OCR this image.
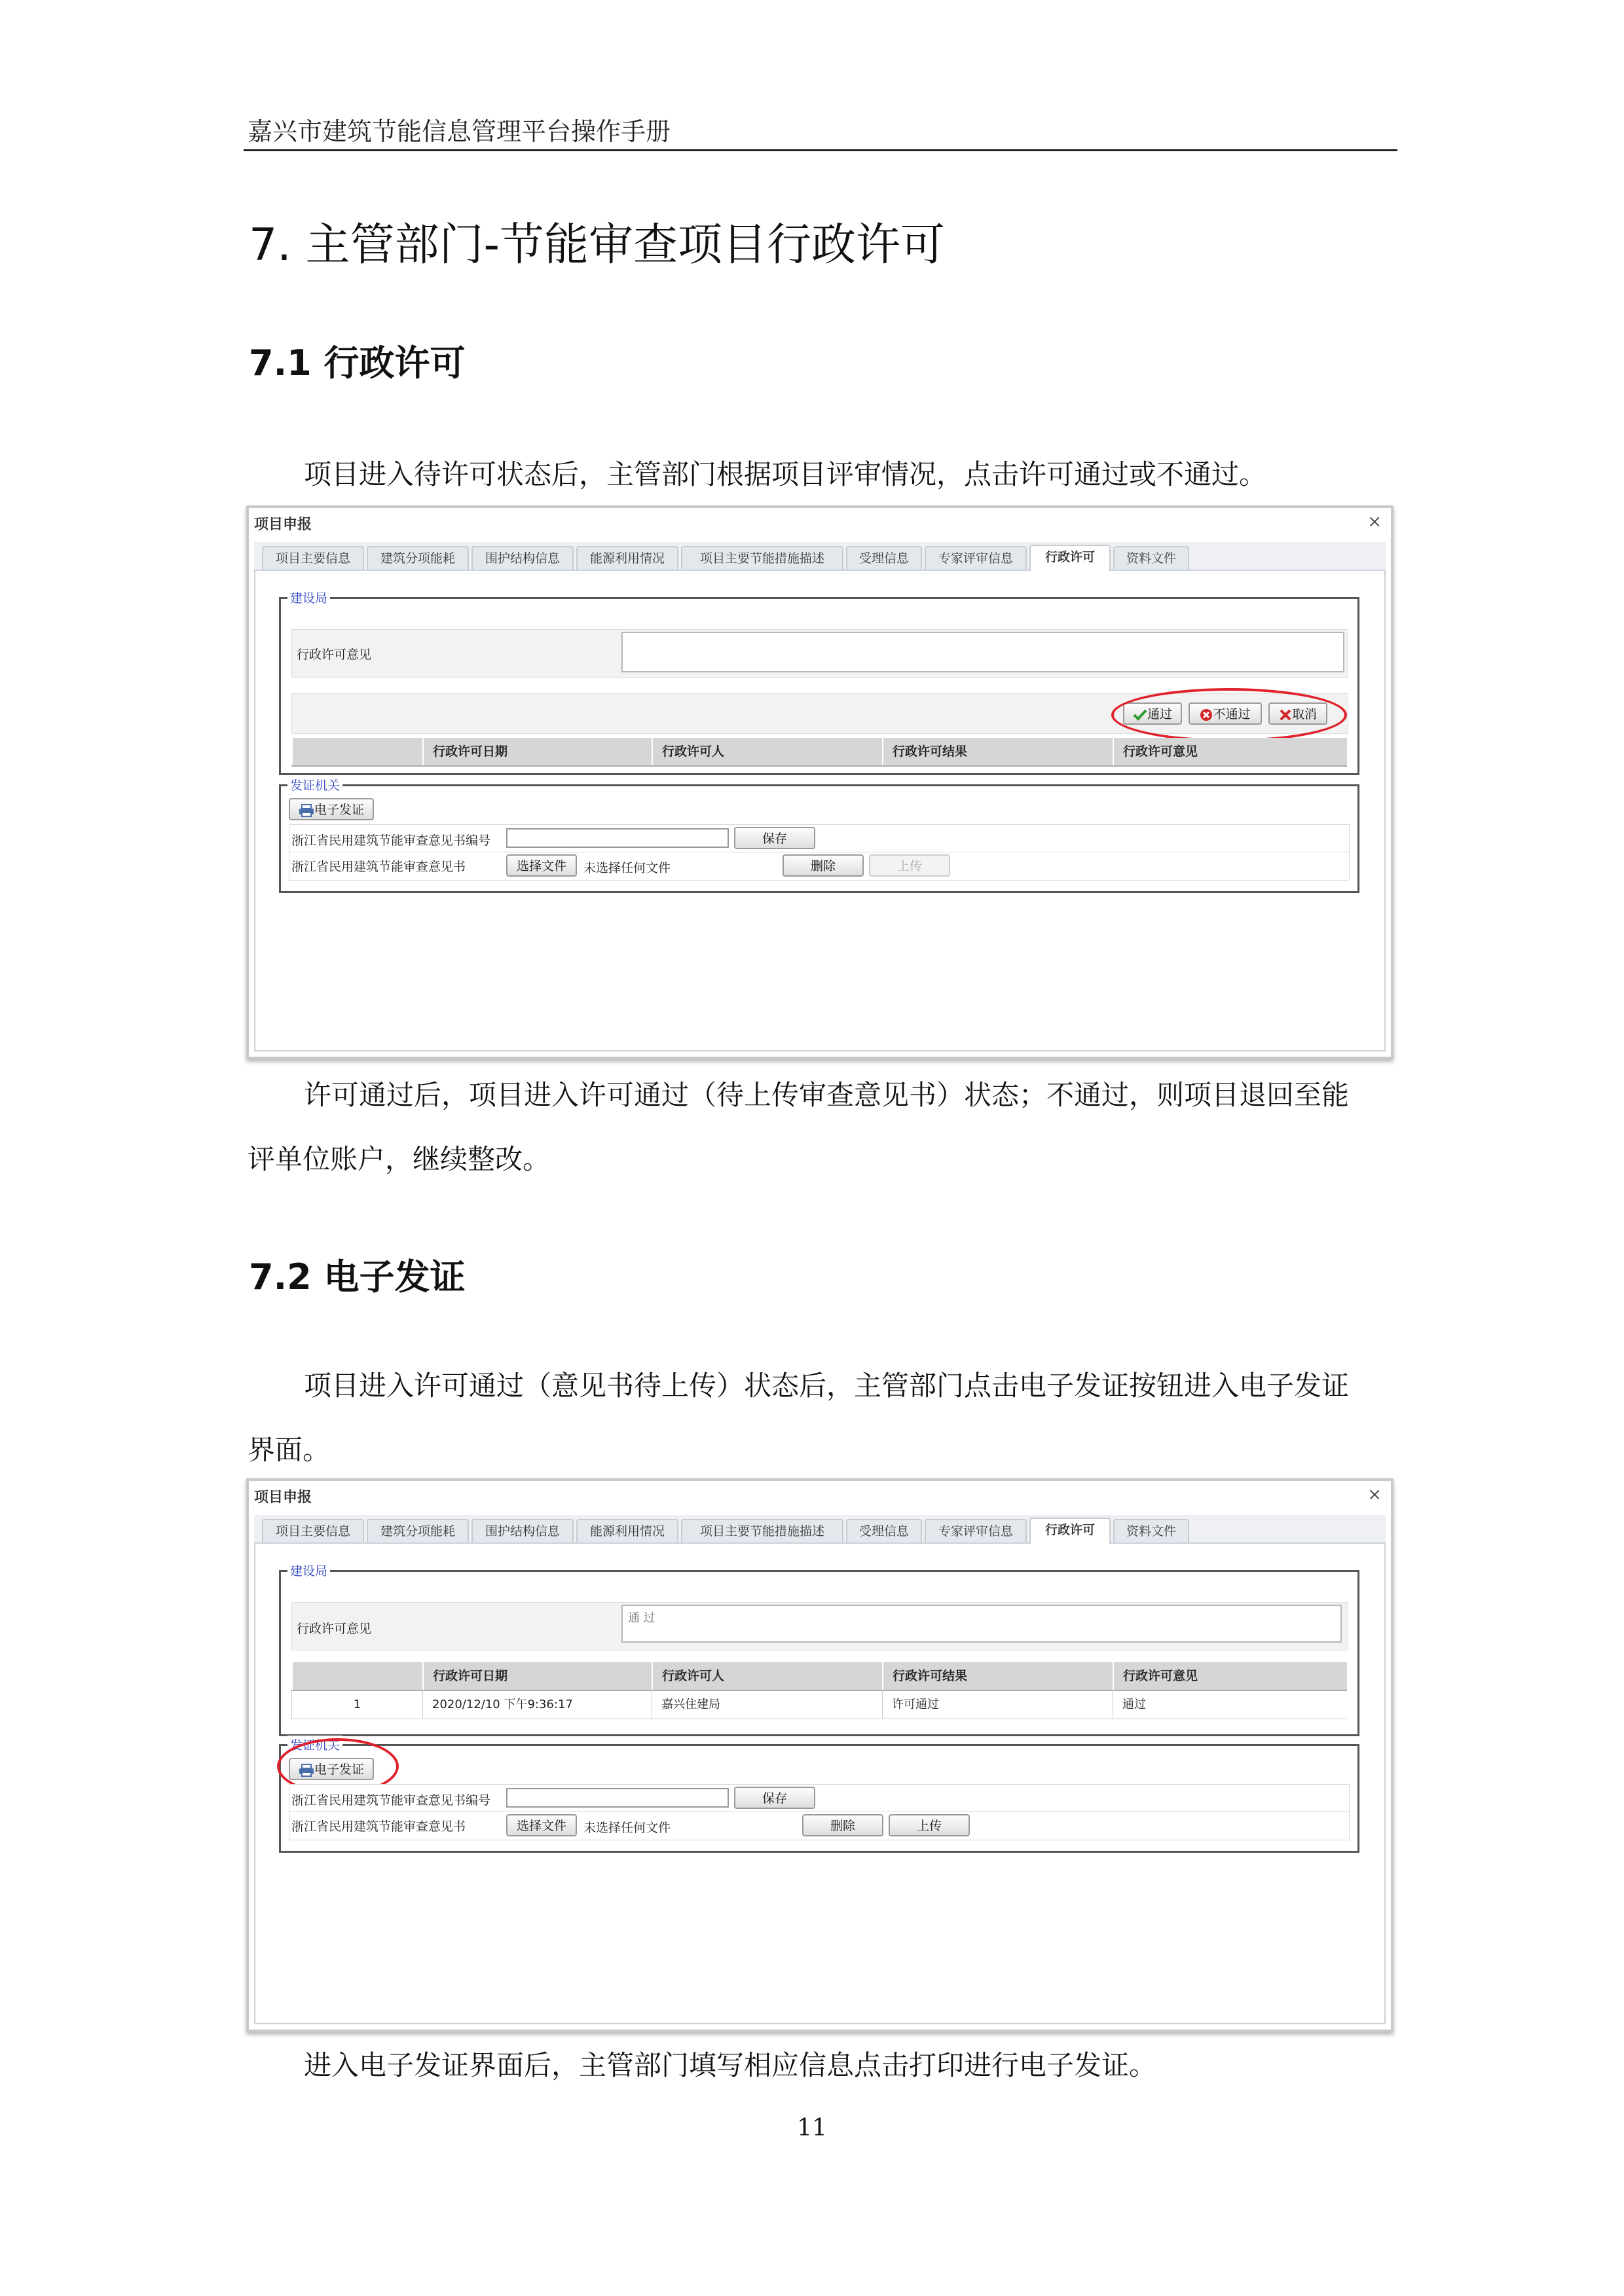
嘉兴市建筑节能信息管理平台操作手册
7. 主管部门-节能审查项目行政许可
7.1 行政许可
项目进入待许可状态后，主管部门根据项目评审情况，点击许可通过或不通过。
项目申报	×
项目主要信息	建筑分项能耗	围护结构信息	能源利用情况	项目主要节能措施描述	受理信息	专家评审信息	行政许可	资料文件
建设局
行政许可意见
通过	不通过	取消
行政许可日期	行政许可人	行政许可结果	行政许可意见
发证机关
电子发证
浙江省民用建筑节能审查意见书编号	保存
浙江省民用建筑节能审查意见书	选择文件	未选择任何文件	删除	上传
许可通过后，项目进入许可通过（待上传审查意见书）状态；不通过，则项目退回至能
评单位账户，继续整改。
7.2 电子发证
项目进入许可通过（意见书待上传）状态后，主管部门点击电子发证按钮进入电子发证
界面。
项目申报	×
项目主要信息	建筑分项能耗	围护结构信息	能源利用情况	项目主要节能措施描述	受理信息	专家评审信息	行政许可	资料文件
建设局
行政许可意见
通 过
行政许可日期	行政许可人	行政许可结果	行政许可意见
1	2020/12/10 下午9:36:17	嘉兴住建局	许可通过	通过
发证机关
电子发证
浙江省民用建筑节能审查意见书编号	保存
浙江省民用建筑节能审查意见书	选择文件	未选择任何文件	删除	上传
进入电子发证界面后，主管部门填写相应信息点击打印进行电子发证。
11
